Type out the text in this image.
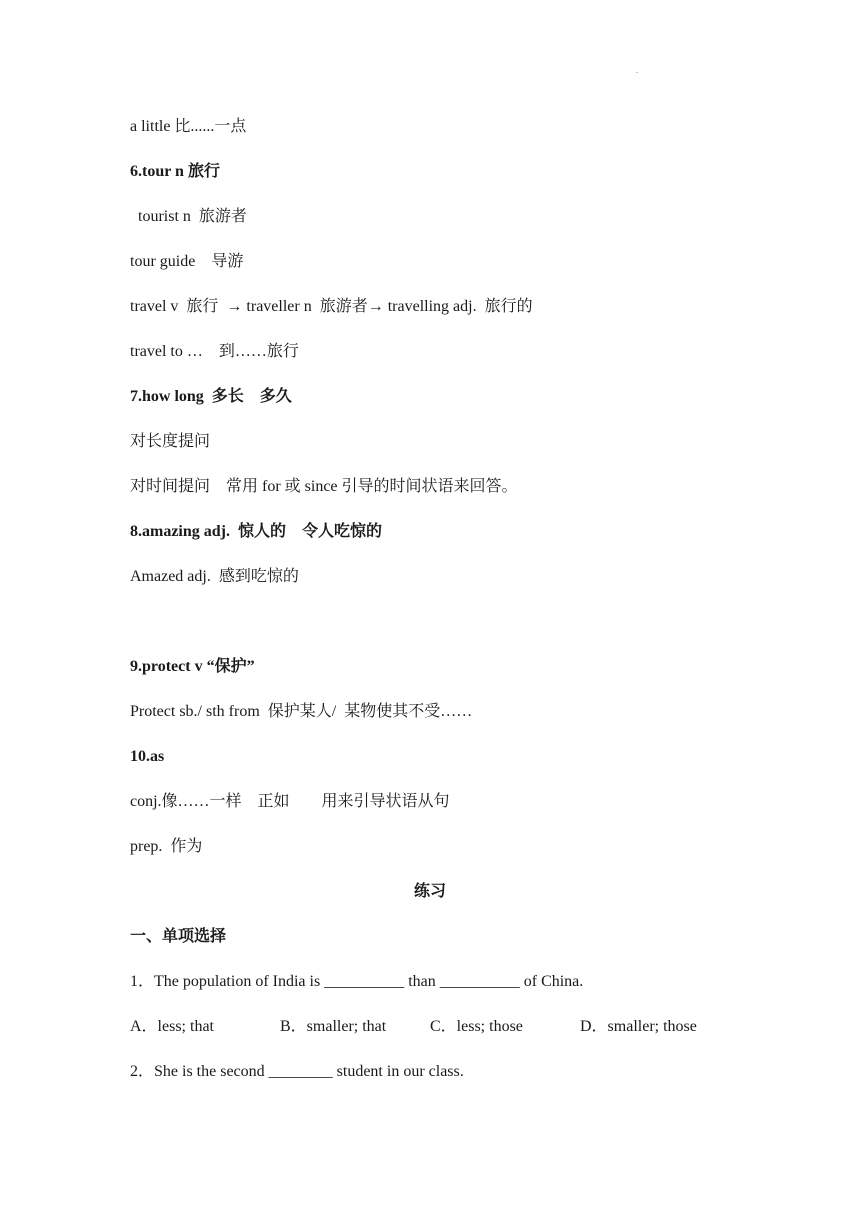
.
a little 比......一点
6.tour n 旅行
tourist n  旅游者
tour guide    导游
travel v  旅行  → traveller n  旅游者→ travelling adj.  旅行的
travel to …    到……旅行
7.how long  多长    多久
对长度提问
对时间提问    常用 for 或 since 引导的时间状语来回答。
8.amazing adj.  惊人的    令人吃惊的
Amazed adj.  感到吃惊的
9.protect v “保护”
Protect sb./ sth from  保护某人/  某物使其不受……
10.as
conj.像……一样    正如        用来引导状语从句
prep.  作为
练习
一、单项选择
1．The population of India is __________ than __________ of China.
A．less; that	B．smaller; that	C．less; those	D．smaller; those
2．She is the second ________ student in our class.
